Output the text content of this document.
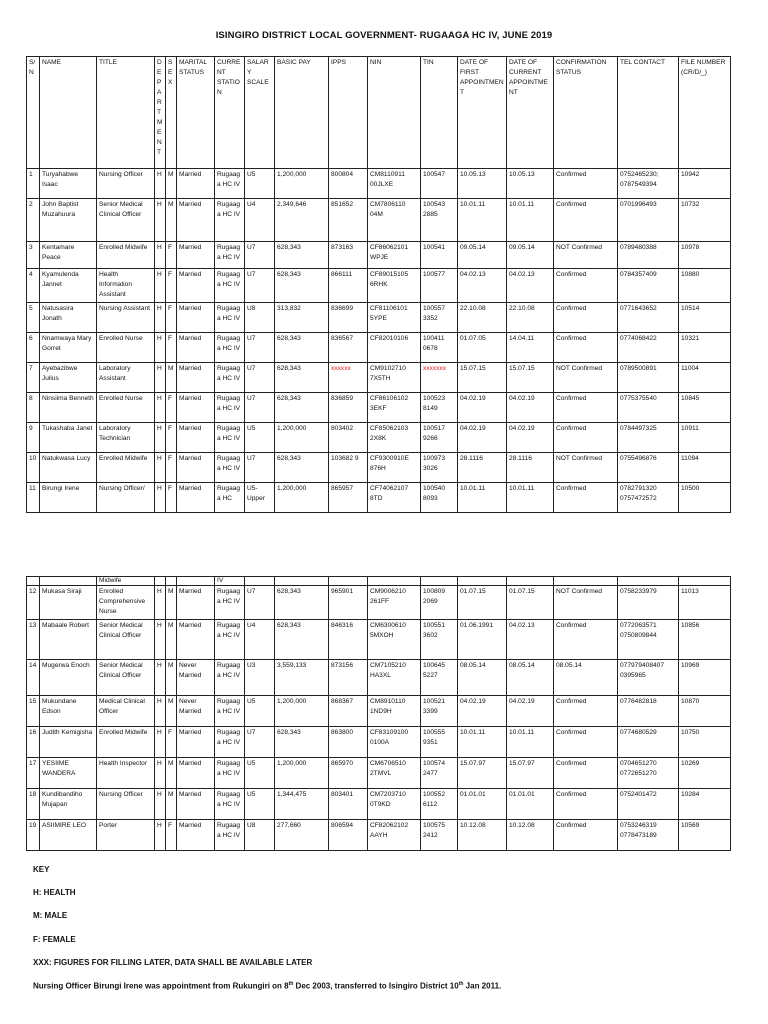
ISINGIRO DISTRICT LOCAL GOVERNMENT- RUGAAGA HC IV, JUNE 2019
S/N	NAME	TITLE	DEPARTMENT	SEX	MARITAL STATUS	CURRENT STATION	SALARY SCALE	BASIC PAY	IPPS	NIN	TIN	DATE OF FIRST APPOINTMENT	DATE OF CURRENT APPOINTMENT	CONFIRMATION STATUS	TEL CONTACT	FILE NUMBER (CR/D/_)
1	Turyahabwe Isaac	Nursing Officer	H	M	Married	Rugaaga HC IV	U5	1,200,000	800804	CM8110911 00JLXE	100547	10.05.13	10.05.13	Confirmed	0752465230; 0787549394	10942
2	John Baptist Muzahuura	Senior Medical Clinical Officer	H	M	Married	Rugaaga HC IV	U4	2,349,646	851652	CM7806110 04M	100543 2885	10.01.11	10.01.11	Confirmed	0701996493	10732
3	Kentamare Peace	Enrolled Midwife	H	F	Married	Rugaaga HC IV	U7	628,343	873163	CF86062101 WPJE	100541	09.05.14	09.05.14	NOT Confirmed	0789480388	10978
4	Kyamulenda Jannet	Health Information Assistant	H	F	Married	Rugaaga HC IV	U7	628,343	866111	CF89015105 6RHK	100577	04.02.13	04.02.13	Confirmed	0784357409	10880
5	Natusasira Jonath	Nursing Assistant	H	F	Married	Rugaaga HC IV	U8	313,832	836699	CF81106101 5YPE	100557 3352	22.10.08	22.10.08	Confirmed	0771643652	10514
6	Nnamwaya Mary Gorret	Enrolled Nurse	H	F	Married	Rugaaga HC IV	U7	628,343	836567	CF82010106	100411 0678	01.07.05	14.04.11	Confirmed	0774068422	10321
7	Ayebazibwe Julius	Laboratory Assistant	H	M	Married	Rugaaga HC IV	U7	628,343	xxxxxx	CM9102710 7X5TH	xxxxxxx	15.07.15	15.07.15	NOT Confirmed	0789500891	11004
8	Ninsiima Benneth	Enrolled Nurse	H	F	Married	Rugaaga HC IV	U7	628,343	836859	CF86106102 3EKF	100523 8149	04.02.19	04.02.19	Confirmed	0775375540	10845
9	Tukashaba Janet	Laboratory Technician	H	F	Married	Rugaaga HC IV	U5	1,200,000	803402	CF85062103 2X8K	100517 9266	04.02.19	04.02.19	Confirmed	0784497325	10911
10	Natukwasa Lucy	Enrolled Midwife	H	F	Married	Rugaaga HC IV	U7	628,343	103682 9	CF9300910E 876H	100973 3026	28.1116	28.1116	NOT Confirmed	0755496876	11094
11	Birungi Irene	Nursing Officer/	H	F	Married	Rugaaga HC	U5-Upper	1,200,000	865957	CF74062107 8TD	100540 8093	10.01.11	10.01.11	Confirmed	0782791320 0757472572	10500
		Midwife				IV										
12	Mukasa Siraji	Enrolled Comprehensive Nurse	H	M	Married	Rugaaga HC IV	U7	628,343	965901	CM9006210 261FF	100809 2069	01.07.15	01.07.15	NOT Confirmed	0758233979	11013
13	Mabaale Robert	Senior Medical Clinical Officer	H	M	Married	Rugaaga HC IV	U4	628,343	846316	CM6300610 5MXOH	100551 3602	01.06.1991	04.02.13	Confirmed	0772063571 0750809844	10856
14	Mugerwa Enoch	Senior Medical Clinical Officer	H	M	Never Married	Rugaaga HC IV	U3	3,559,133	873156	CM7105210 HA3XL	100645 5227	08.05.14	08.05.14	08.05.14	077979408407 0395965	10969
15	Mukundane Edson	Medical Clinical Officer	H	M	Never Married	Rugaaga HC IV	U5	1,200,000	868367	CM8910110 1ND9H	100521 3399	04.02.19	04.02.19	Confirmed	0776482818	10870
16	Judith Kemigisha	Enrolled Midwife	H	F	Married	Rugaaga HC IV	U7	628,343	863800	CF83109100 0100A	100555 9351	10.01.11	10.01.11	Confirmed	0774680529	10750
17	YESIIME WANDERA	Health Inspector	H	M	Married	Rugaaga HC IV	U5	1,200,000	865970	CM6706510 2TMVL	100574 2477	15.07.97	15.07.97	Confirmed	0704651270 0772651270	10269
18	Kundibandiho Mujapan	Nursing Officer	H	M	Married	Rugaaga HC IV	U5	1,344,475	803401	CM7203710 0T9KD	100552 6112	01.01.01	01.01.01	Confirmed	0752401472	10284
19	ASIIMIRE LEO	Porter	H	F	Married	Rugaaga HC IV	U8	277,660	806594	CF82062102 AAYH	100575 2412	10.12.08	10.12.08	Confirmed	0753246319 0778473189	10569
KEY
H: HEALTH
M: MALE
F: FEMALE
XXX: FIGURES FOR FILLING LATER, DATA SHALL BE AVAILABLE LATER
Nursing Officer Birungi Irene was appointment from Rukungiri on 8th Dec 2003, transferred to Isingiro District 10th Jan 2011.
